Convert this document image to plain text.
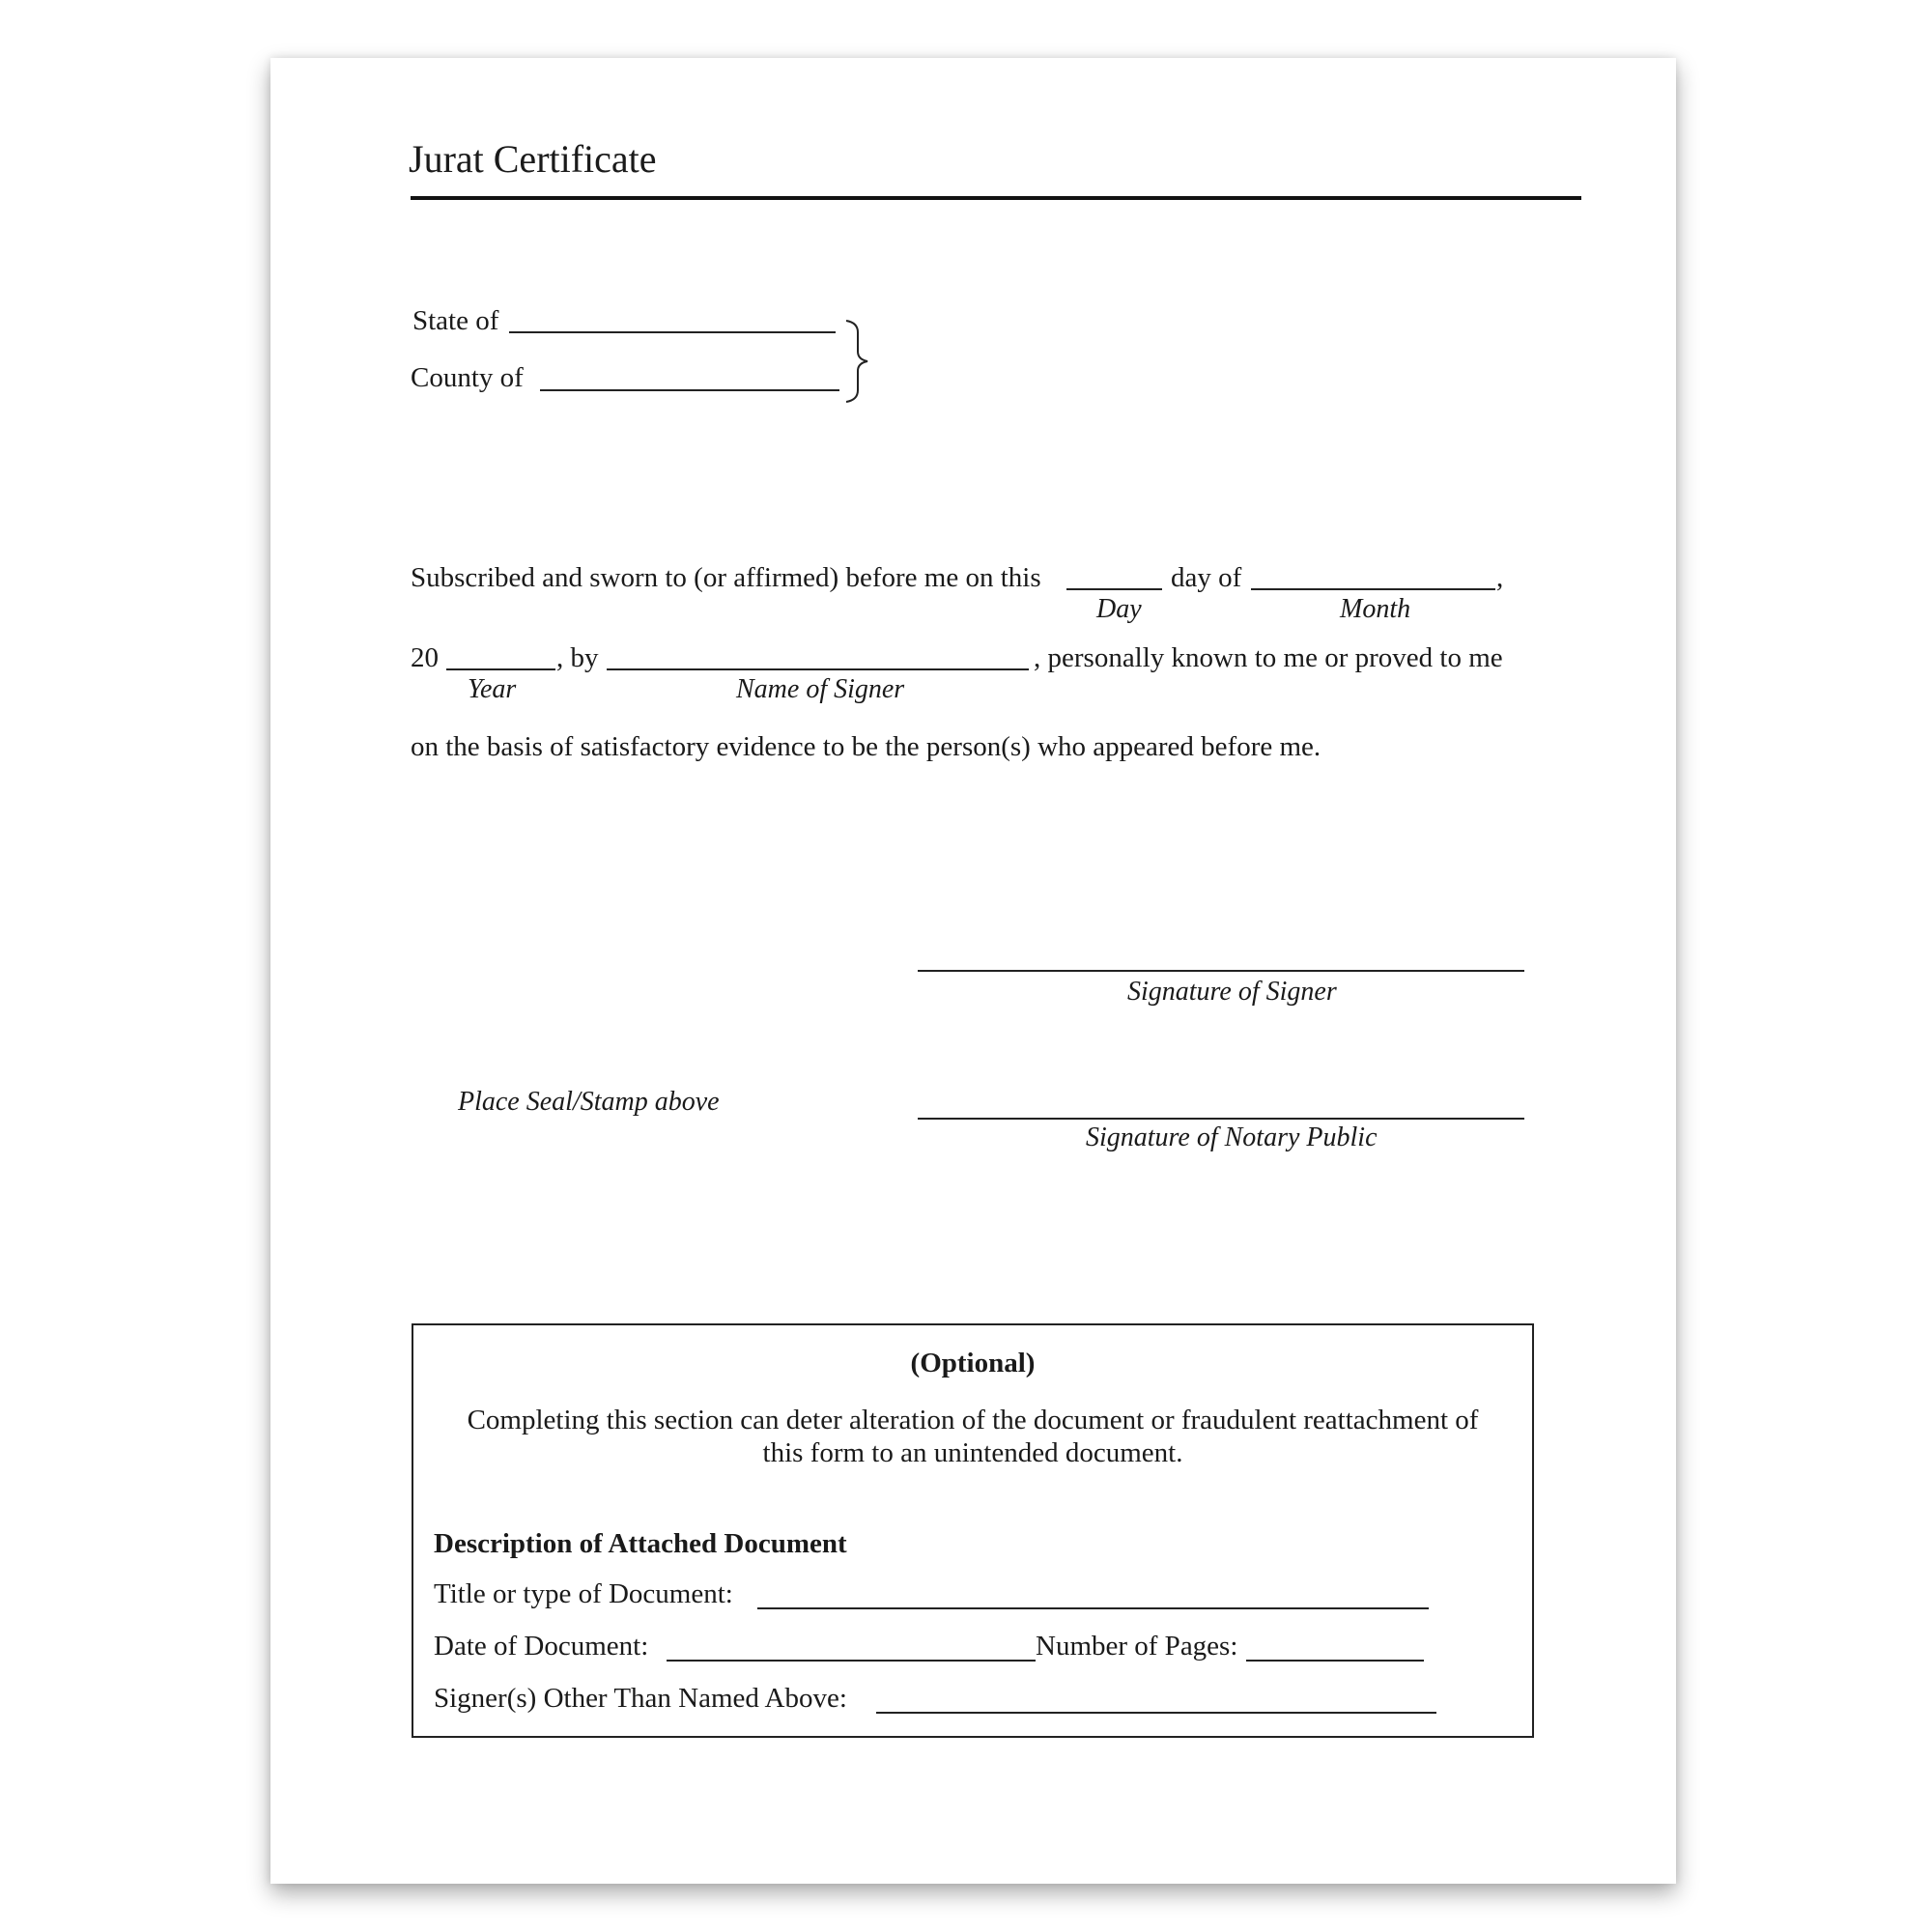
Jurat Certificate
State of
County of
Subscribed and sworn to (or affirmed) before me on this	day of	,
Day	Month
20	, by	, personally known to me or proved to me
Year	Name of Signer
on the basis of satisfactory evidence to be the person(s) who appeared before me.
Signature of Signer
Place Seal/Stamp above
Signature of Notary Public
(Optional)
Completing this section can deter alteration of the document or fraudulent reattachment of
this form to an unintended document.
Description of Attached Document
Title or type of Document:
Date of Document:	Number of Pages:
Signer(s) Other Than Named Above:
